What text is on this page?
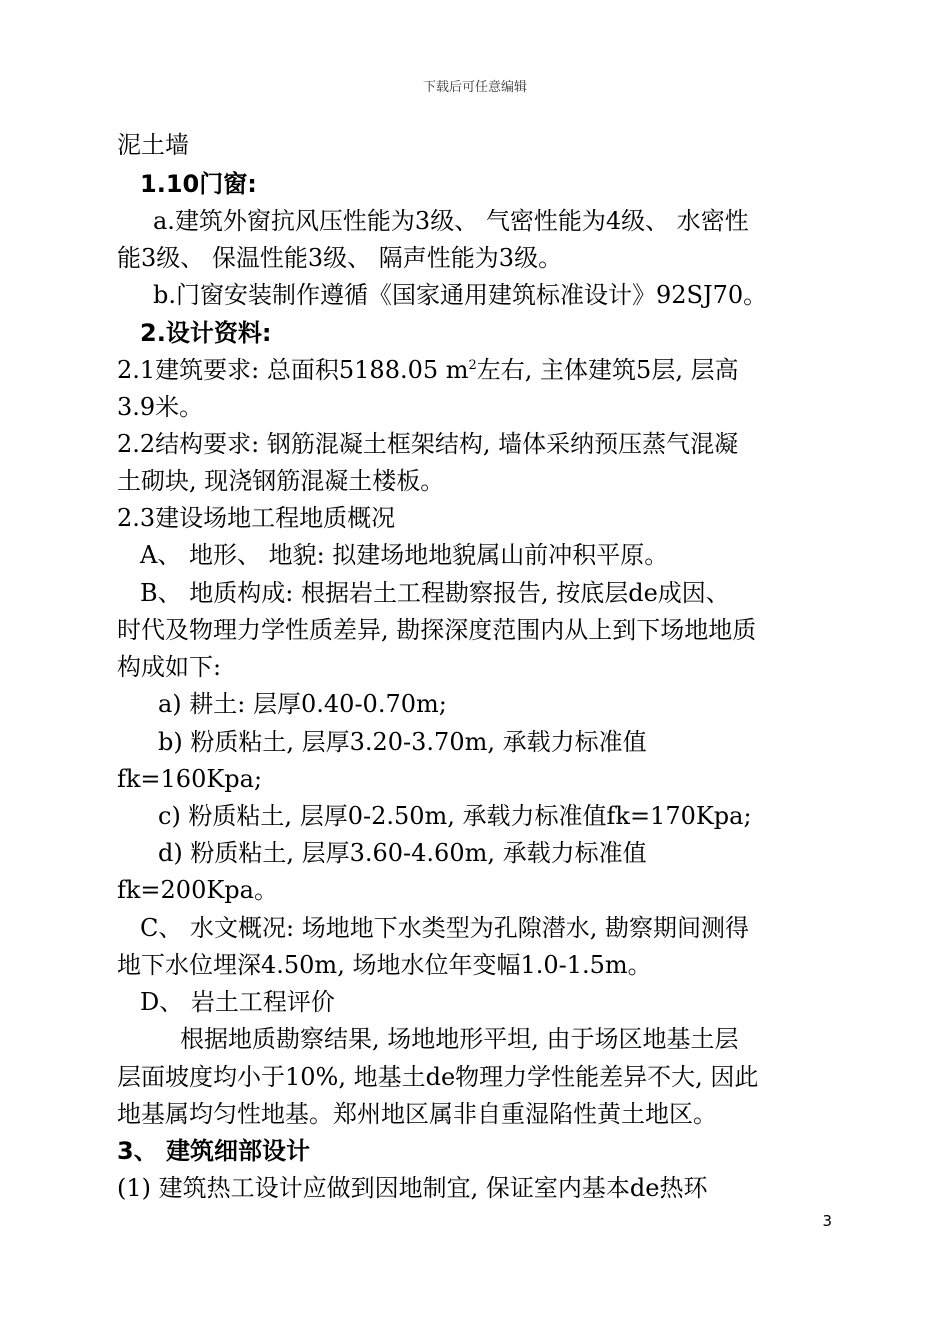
下载后可任意编辑
泥土墙
1.10门窗:
a.建筑外窗抗风压性能为3级、 气密性能为4级、 水密性
能3级、 保温性能3级、 隔声性能为3级。
b.门窗安装制作遵循《国家通用建筑标准设计》92SJ70。
2.设计资料:
2.1建筑要求: 总面积5188.05 $m^2$左右, 主体建筑5层, 层高
3.9米。
2.2结构要求: 钢筋混凝土框架结构, 墙体采纳预压蒸气混凝
土砌块, 现浇钢筋混凝土楼板。
2.3建设场地工程地质概况
A、 地形、 地貌: 拟建场地地貌属山前冲积平原。
B、 地质构成: 根据岩土工程勘察报告, 按底层de成因、
时代及物理力学性质差异, 勘探深度范围内从上到下场地地质
构成如下:
a) 耕土: 层厚0.40-0.70m;
b) 粉质粘土, 层厚3.20-3.70m, 承载力标准值
fk=160Kpa;
c) 粉质粘土, 层厚0-2.50m, 承载力标准值fk=170Kpa;
d) 粉质粘土, 层厚3.60-4.60m, 承载力标准值
fk=200Kpa。
C、 水文概况: 场地地下水类型为孔隙潜水, 勘察期间测得
地下水位埋深4.50m, 场地水位年变幅1.0-1.5m。
D、 岩土工程评价
根据地质勘察结果, 场地地形平坦, 由于场区地基土层
层面坡度均小于10%, 地基土de物理力学性能差异不大, 因此
地基属均匀性地基。郑州地区属非自重湿陷性黄土地区。
3、 建筑细部设计
(1) 建筑热工设计应做到因地制宜, 保证室内基本de热环
3
